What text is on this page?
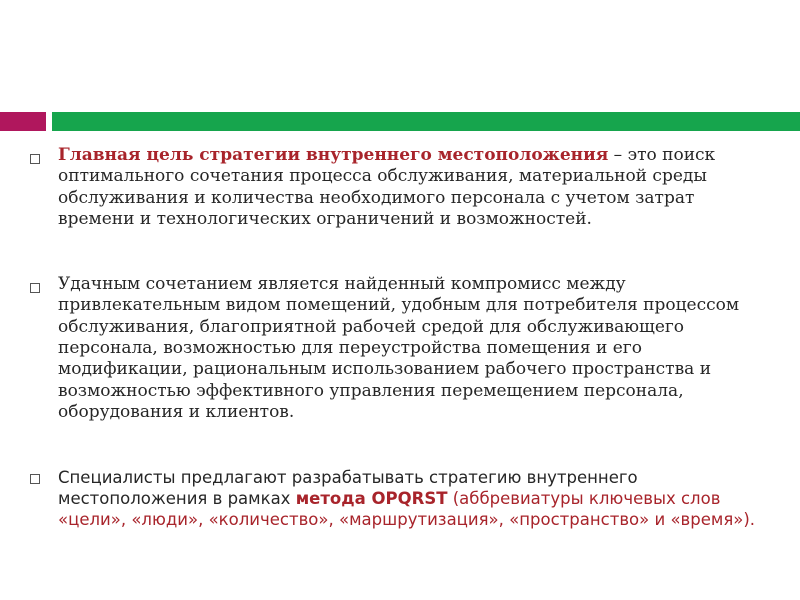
Главная цель стратегии внутреннего местоположения – это поиск оптимального сочетания процесса обслуживания, материальной среды обслуживания и количества необходимого персонала с учетом затрат времени и технологических ограничений и возможностей.
Удачным сочетанием является найденный компромисс между привлекательным видом помещений, удобным для потребителя процессом обслуживания, благоприятной рабочей средой для обслуживающего персонала, возможностью для переустройства помещения и его модификации, рациональным использованием рабочего пространства и возможностью эффективного управления перемещением персонала, оборудования и клиентов.
Специалисты предлагают разрабатывать стратегию внутреннего местоположения в рамках метода OPQRST (аббревиатуры ключевых слов «цели», «люди», «количество», «маршрутизация», «пространство» и «время»).
